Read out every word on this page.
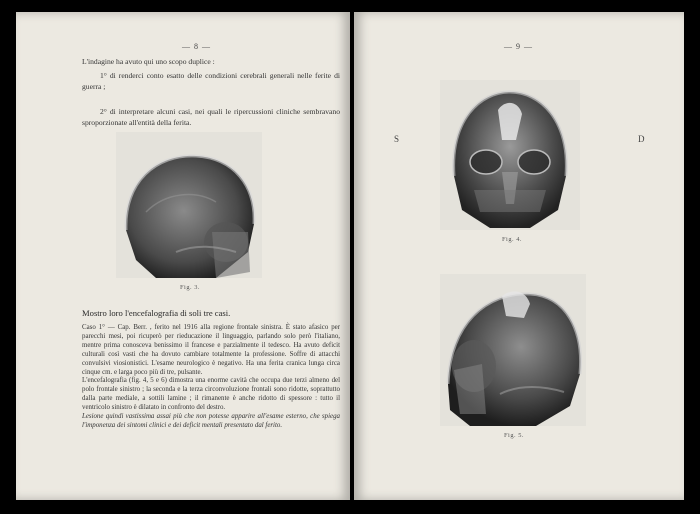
— 8 —
L'indagine ha avuto qui uno scopo duplice :
1° di renderci conto esatto delle condizioni cerebrali generali nelle ferite di guerra ;
2° di interpretare alcuni casi, nei quali le ripercussioni cliniche sembravano sproporzionate all'entità della ferita.
Fig. 3.
Mostro loro l'encefalografia di soli tre casi.

Caso 1° — Cap. Berr. , ferito nel 1916 alla regione frontale sinistra. È stato afasico per parecchi mesi, poi ricuperò per rieducazione il linguaggio, parlando solo però l'italiano, mentre prima conosceva benissimo il francese e parzialmente il tedesco. Ha avuto deficit culturali così vasti che ha dovuto cambiare totalmente la professione. Soffre di attacchi convulsivi viosionistici. L'esame neurologico è negativo. Ha una ferita cranica lunga circa cinque cm. e larga poco più di tre, pulsante.

L'encefalografia (fig. 4, 5 e 6) dimostra una enorme cavità che occupa due terzi almeno del polo frontale sinistro ; la seconda e la terza circonvoluzione frontali sono ridotte, soprattutto dalla parte mediale, a sottili lamine ; il rimanente è anche ridotto di spessore : tutto il ventricolo sinistro è dilatato in confronto del destro.

Lesione quindi vastissima assai più che non potesse apparire all'esame esterno, che spiega l'imponenza dei sintomi clinici e dei deficit mentali presentato dal ferito.

— 9 —
S	D
Fig. 4.
Fig. 5.
